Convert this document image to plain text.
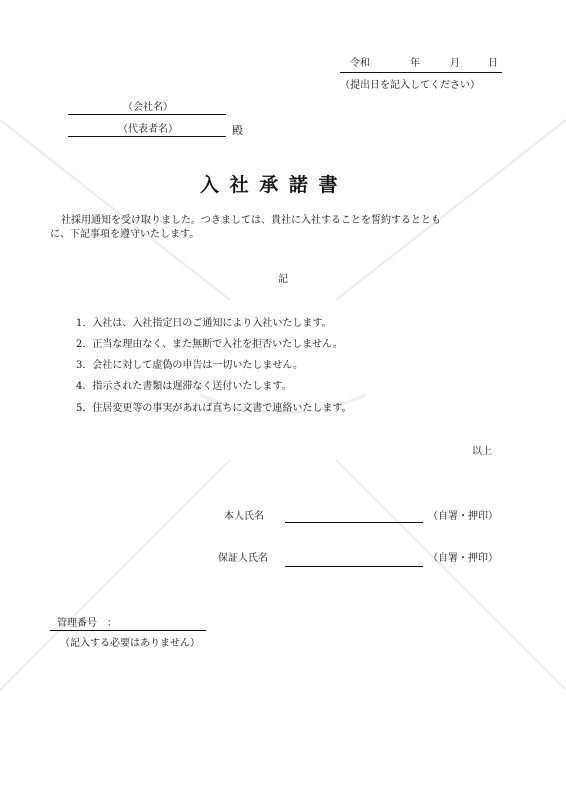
令和	年	月	日
（提出日を記入してください）
（会社名）
（代表者名）	殿
入 社 承 諾 書
社採用通知を受け取りました。つきましては、貴社に入社することを誓約するととも
に、下記事項を遵守いたします。
記
1．入社は、入社指定日のご通知により入社いたします。
2．正当な理由なく、また無断で入社を拒否いたしません。
3．会社に対して虚偽の申告は一切いたしません。
4．指示された書類は遅滞なく送付いたします。
5．住居変更等の事実があれば直ちに文書で連絡いたします。
以上
本人氏名	（自署・押印）
保証人氏名	（自署・押印）
管理番号　：
（記入する必要はありません）
